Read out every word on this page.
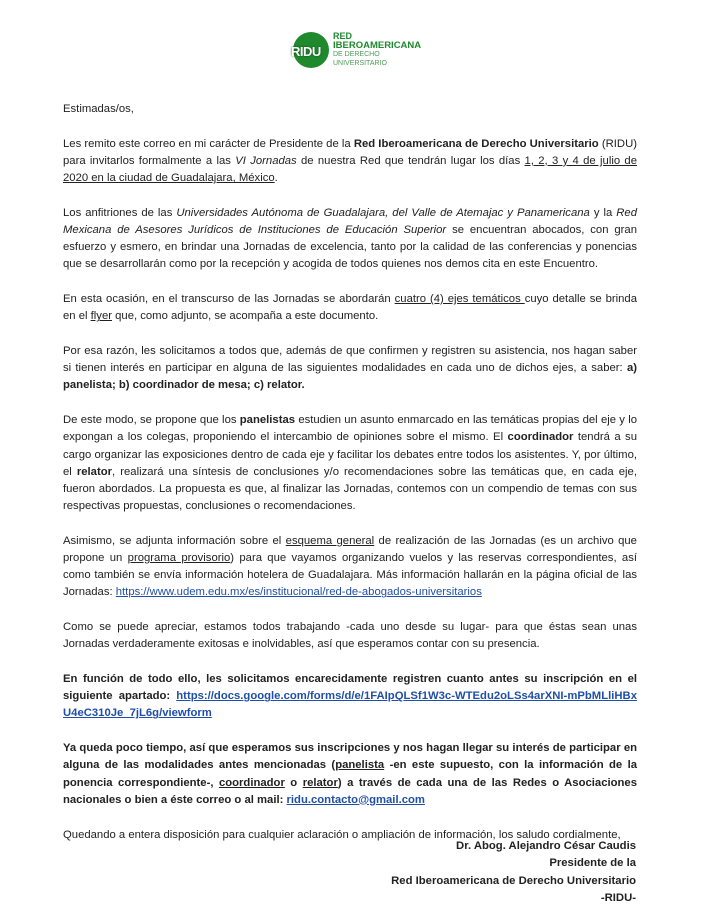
RIDU
RED
IBEROAMERICANA
DE DERECHO
UNIVERSITARIO

Estimadas/os,

Les remito este correo en mi carácter de Presidente de la Red Iberoamericana de Derecho Universitario (RIDU) para invitarlos formalmente a las VI Jornadas de nuestra Red que tendrán lugar los días 1, 2, 3 y 4 de julio de 2020 en la ciudad de Guadalajara, México.

Los anfitriones de las Universidades Autónoma de Guadalajara, del Valle de Atemajac y Panamericana y la Red Mexicana de Asesores Jurídicos de Instituciones de Educación Superior se encuentran abocados, con gran esfuerzo y esmero, en brindar una Jornadas de excelencia, tanto por la calidad de las conferencias y ponencias que se desarrollarán como por la recepción y acogida de todos quienes nos demos cita en este Encuentro.

En esta ocasión, en el transcurso de las Jornadas se abordarán cuatro (4) ejes temáticos cuyo detalle se brinda en el flyer que, como adjunto, se acompaña a este documento.

Por esa razón, les solicitamos a todos que, además de que confirmen y registren su asistencia, nos hagan saber si tienen interés en participar en alguna de las siguientes modalidades en cada uno de dichos ejes, a saber: a) panelista; b) coordinador de mesa; c) relator.

De este modo, se propone que los panelistas estudien un asunto enmarcado en las temáticas propias del eje y lo expongan a los colegas, proponiendo el intercambio de opiniones sobre el mismo. El coordinador tendrá a su cargo organizar las exposiciones dentro de cada eje y facilitar los debates entre todos los asistentes. Y, por último, el relator, realizará una síntesis de conclusiones y/o recomendaciones sobre las temáticas que, en cada eje, fueron abordados. La propuesta es que, al finalizar las Jornadas, contemos con un compendio de temas con sus respectivas propuestas, conclusiones o recomendaciones.

Asimismo, se adjunta información sobre el esquema general de realización de las Jornadas (es un archivo que propone un programa provisorio) para que vayamos organizando vuelos y las reservas correspondientes, así como también se envía información hotelera de Guadalajara. Más información hallarán en la página oficial de las Jornadas: https://www.udem.edu.mx/es/institucional/red-de-abogados-universitarios

Como se puede apreciar, estamos todos trabajando -cada uno desde su lugar- para que éstas sean unas Jornadas verdaderamente exitosas e inolvidables, así que esperamos contar con su presencia.

En función de todo ello, les solicitamos encarecidamente registren cuanto antes su inscripción en el siguiente apartado: https://docs.google.com/forms/d/e/1FAIpQLSf1W3c-WTEdu2oLSs4arXNI-mPbMLliHBxU4eC310Je_7jL6g/viewform

Ya queda poco tiempo, así que esperamos sus inscripciones y nos hagan llegar su interés de participar en alguna de las modalidades antes mencionadas (panelista -en este supuesto, con la información de la ponencia correspondiente-, coordinador o relator) a través de cada una de las Redes o Asociaciones nacionales o bien a éste correo o al mail: ridu.contacto@gmail.com

Quedando a entera disposición para cualquier aclaración o ampliación de información, los saludo cordialmente,

Dr. Abog. Alejandro César Caudis
Presidente de la
Red Iberoamericana de Derecho Universitario
-RIDU-
